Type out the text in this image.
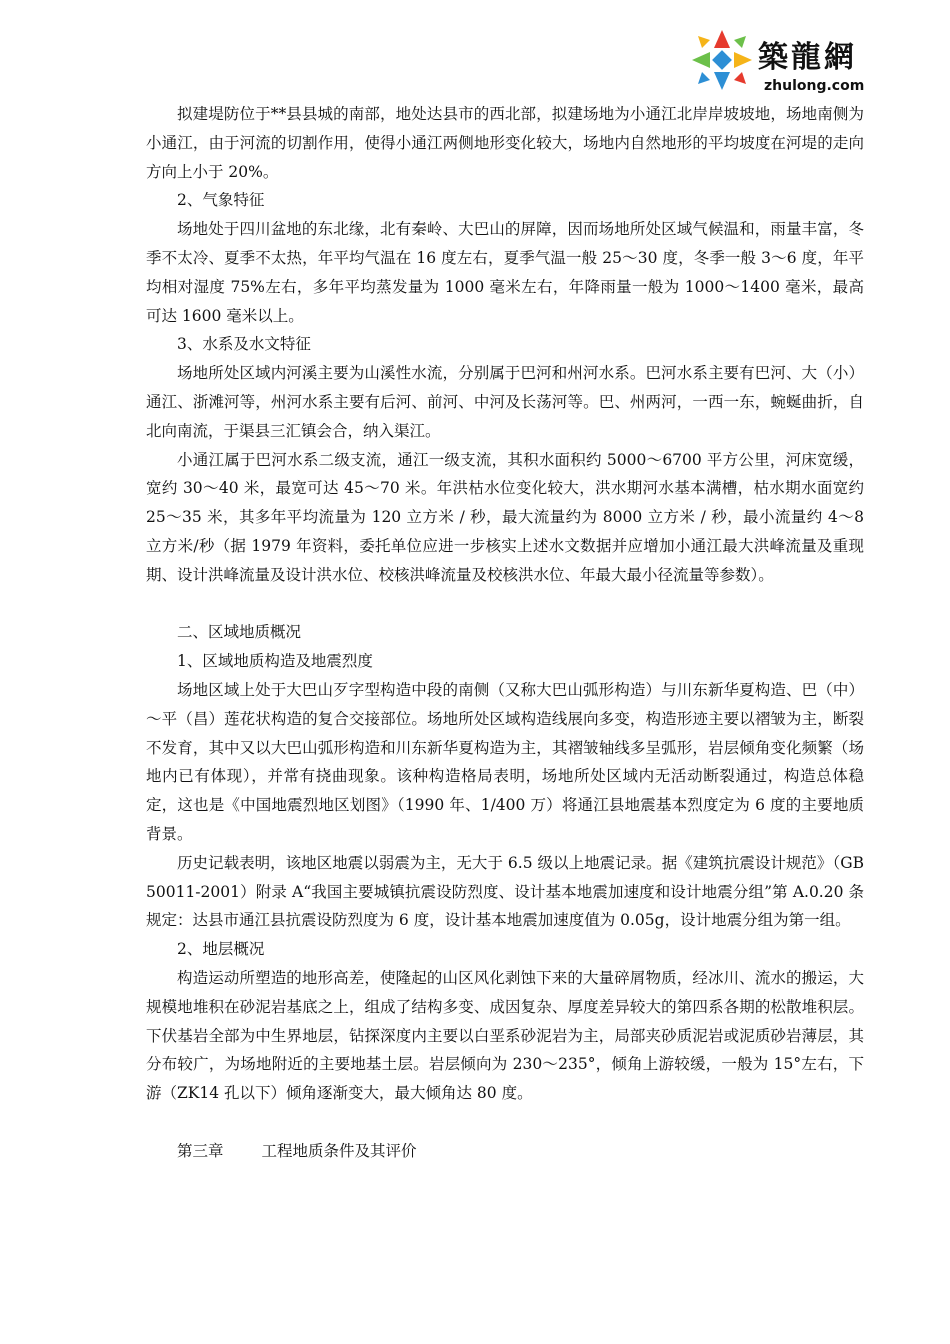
築龍網
zhulong.com

拟建堤防位于**县县城的南部，地处达县市的西北部，拟建场地为小通江北岸岸坡坡地，场地南侧为小通江，由于河流的切割作用，使得小通江两侧地形变化较大，场地内自然地形的平均坡度在河堤的走向方向上小于 20%。

2、气象特征

场地处于四川盆地的东北缘，北有秦岭、大巴山的屏障，因而场地所处区域气候温和，雨量丰富，冬季不太冷、夏季不太热，年平均气温在 16 度左右，夏季气温一般 25～30 度，冬季一般 3～6 度，年平均相对湿度 75%左右，多年平均蒸发量为 1000 毫米左右，年降雨量一般为 1000～1400 毫米，最高可达 1600 毫米以上。

3、水系及水文特征

场地所处区域内河溪主要为山溪性水流，分别属于巴河和州河水系。巴河水系主要有巴河、大（小）通江、浙滩河等，州河水系主要有后河、前河、中河及长荡河等。巴、州两河，一西一东，蜿蜒曲折，自北向南流，于渠县三汇镇会合，纳入渠江。

小通江属于巴河水系二级支流，通江一级支流，其积水面积约 5000～6700 平方公里，河床宽缓，宽约 30～40 米，最宽可达 45～70 米。年洪枯水位变化较大，洪水期河水基本满槽，枯水期水面宽约 25～35 米，其多年平均流量为 120 立方米 / 秒，最大流量约为 8000 立方米 / 秒，最小流量约 4～8 立方米/秒（据 1979 年资料，委托单位应进一步核实上述水文数据并应增加小通江最大洪峰流量及重现期、设计洪峰流量及设计洪水位、校核洪峰流量及校核洪水位、年最大最小径流量等参数）。

二、区域地质概况

1、区域地质构造及地震烈度

场地区域上处于大巴山歹字型构造中段的南侧（又称大巴山弧形构造）与川东新华夏构造、巴（中）～平（昌）莲花状构造的复合交接部位。场地所处区域构造线展向多变，构造形迹主要以褶皱为主，断裂不发育，其中又以大巴山弧形构造和川东新华夏构造为主，其褶皱轴线多呈弧形，岩层倾角变化频繁（场地内已有体现），并常有挠曲现象。该种构造格局表明，场地所处区域内无活动断裂通过，构造总体稳定，这也是《中国地震烈地区划图》（1990 年、1/400 万）将通江县地震基本烈度定为 6 度的主要地质背景。

历史记载表明，该地区地震以弱震为主，无大于 6.5 级以上地震记录。据《建筑抗震设计规范》（GB 50011-2001）附录 A“我国主要城镇抗震设防烈度、设计基本地震加速度和设计地震分组”第 A.0.20 条规定：达县市通江县抗震设防烈度为 6 度，设计基本地震加速度值为 0.05g，设计地震分组为第一组。

2、地层概况

构造运动所塑造的地形高差，使隆起的山区风化剥蚀下来的大量碎屑物质，经冰川、流水的搬运，大规模地堆积在砂泥岩基底之上，组成了结构多变、成因复杂、厚度差异较大的第四系各期的松散堆积层。下伏基岩全部为中生界地层，钻探深度内主要以白垩系砂泥岩为主，局部夹砂质泥岩或泥质砂岩薄层，其分布较广，为场地附近的主要地基土层。岩层倾向为 230～235°，倾角上游较缓，一般为 15°左右，下游（ZK14 孔以下）倾角逐渐变大，最大倾角达 80 度。

第三章 工程地质条件及其评价
